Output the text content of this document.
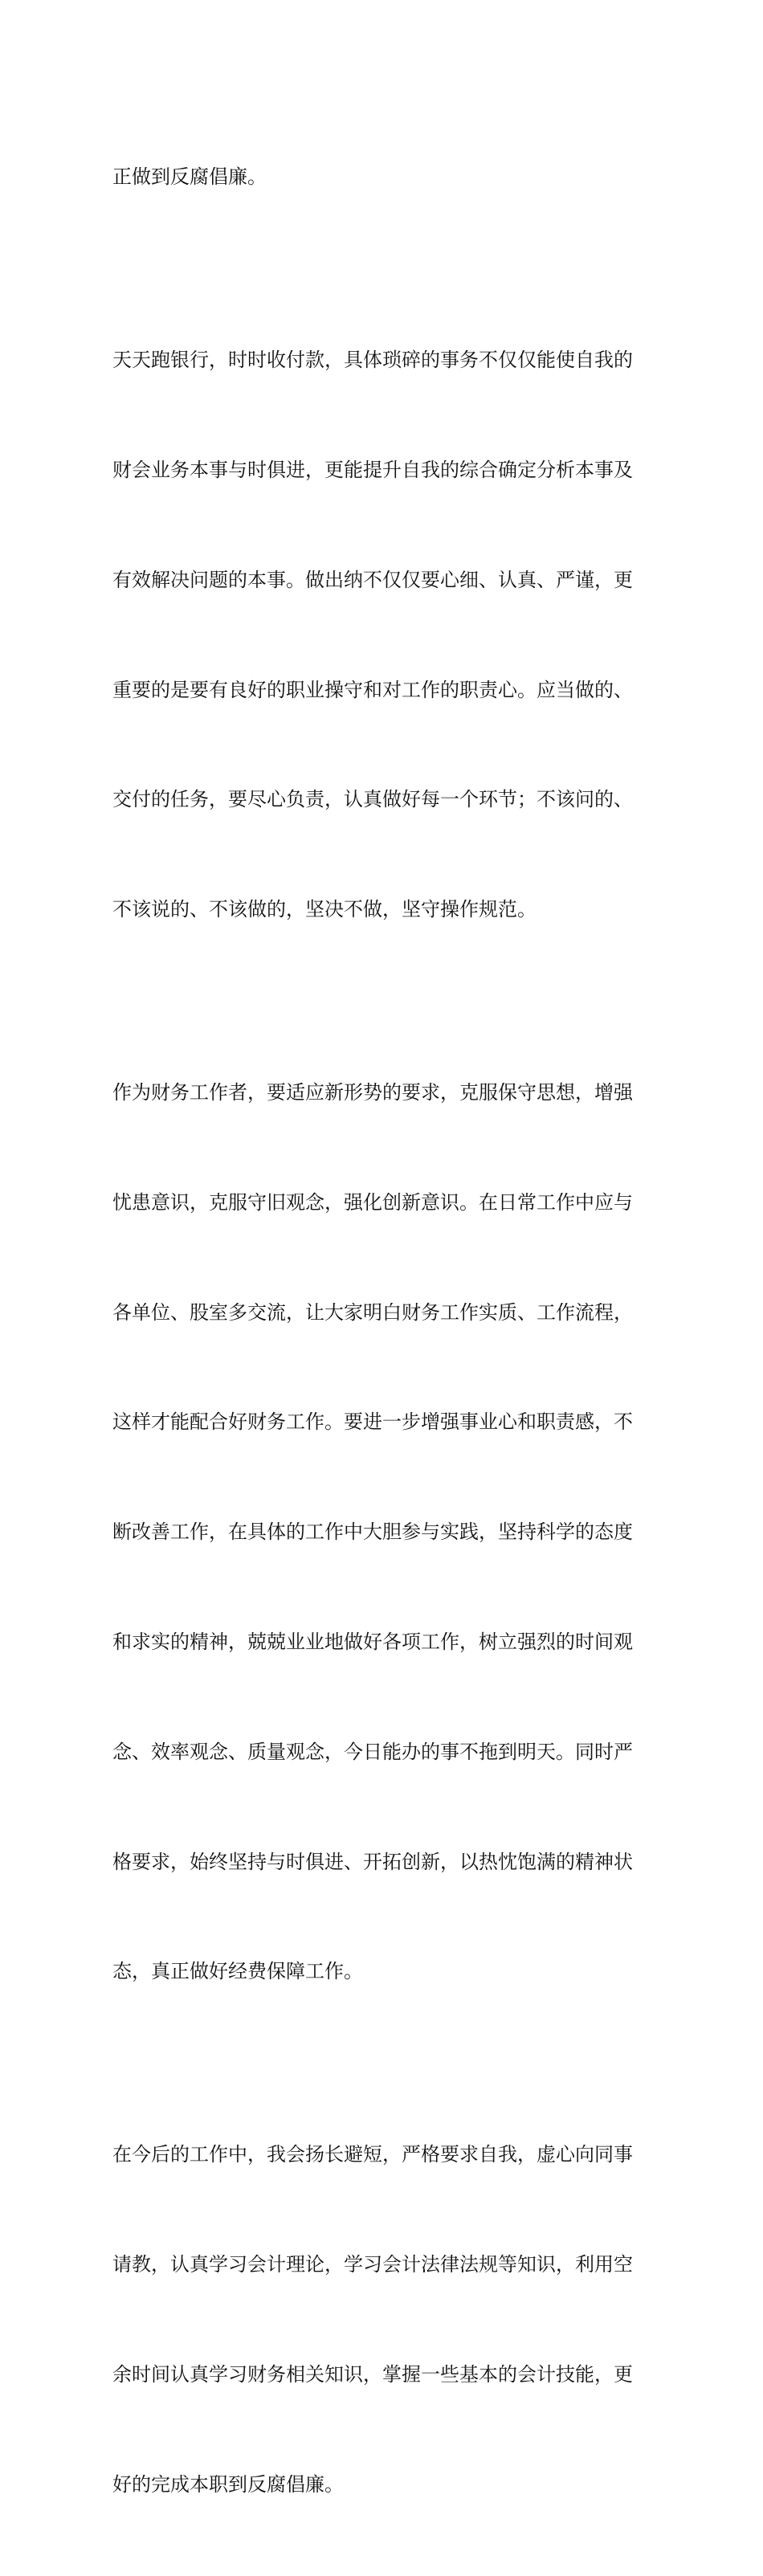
正做到反腐倡廉。

天天跑银行，时时收付款，具体琐碎的事务不仅仅能使自我的

财会业务本事与时俱进，更能提升自我的综合确定分析本事及

有效解决问题的本事。做出纳不仅仅要心细、认真、严谨，更

重要的是要有良好的职业操守和对工作的职责心。应当做的、

交付的任务，要尽心负责，认真做好每一个环节；不该问的、

不该说的、不该做的，坚决不做，坚守操作规范。

作为财务工作者，要适应新形势的要求，克服保守思想，增强

忧患意识，克服守旧观念，强化创新意识。在日常工作中应与

各单位、股室多交流，让大家明白财务工作实质、工作流程，

这样才能配合好财务工作。要进一步增强事业心和职责感，不

断改善工作，在具体的工作中大胆参与实践，坚持科学的态度

和求实的精神，兢兢业业地做好各项工作，树立强烈的时间观

念、效率观念、质量观念，今日能办的事不拖到明天。同时严

格要求，始终坚持与时俱进、开拓创新，以热忱饱满的精神状

态，真正做好经费保障工作。

在今后的工作中，我会扬长避短，严格要求自我，虚心向同事

请教，认真学习会计理论，学习会计法律法规等知识，利用空

余时间认真学习财务相关知识，掌握一些基本的会计技能，更

好的完成本职到反腐倡廉。
